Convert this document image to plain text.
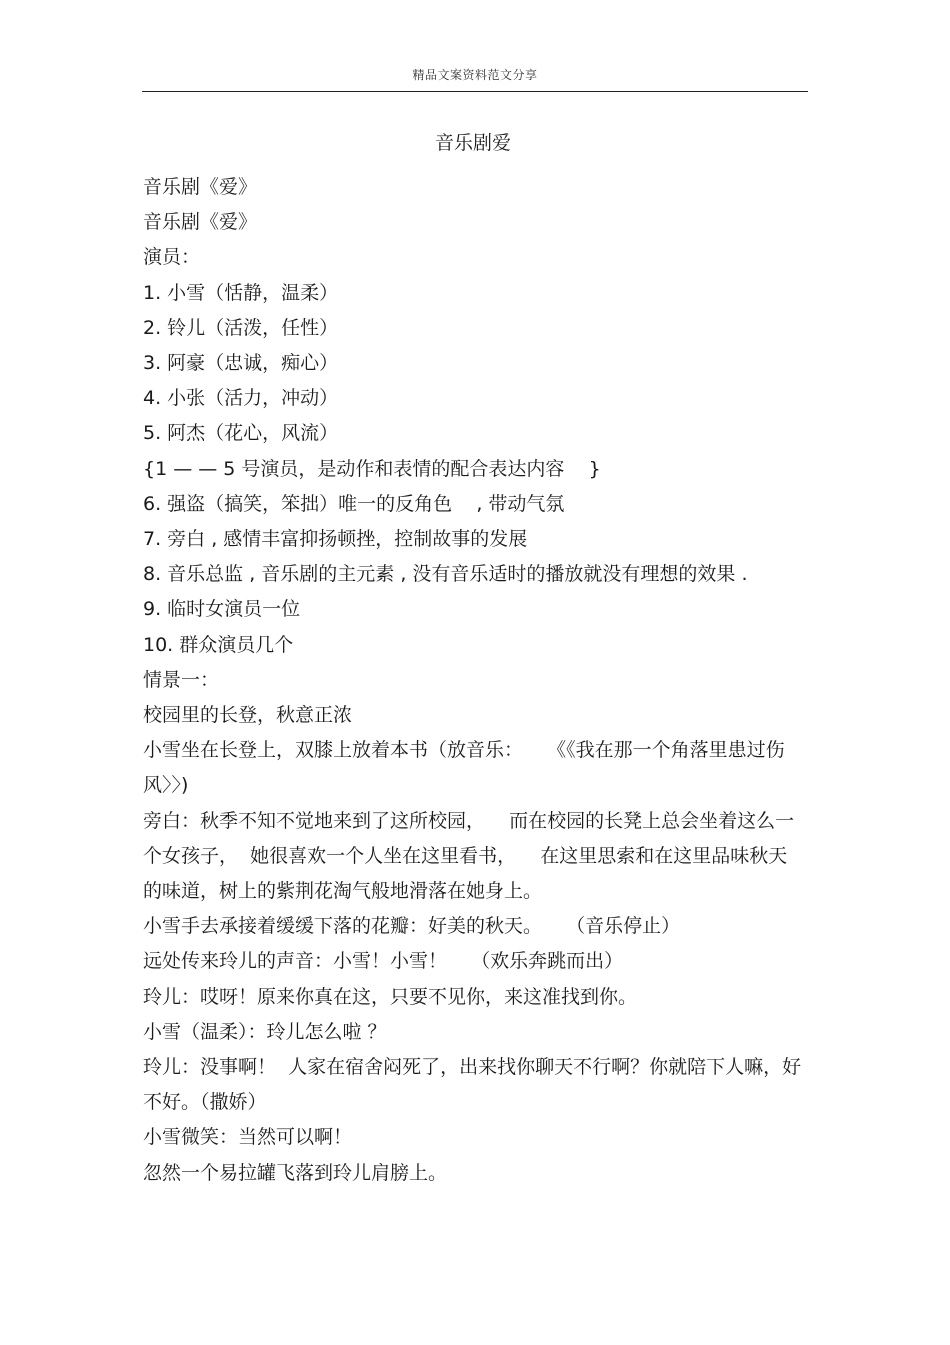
精品文案资料范文分享
音乐剧爱

音乐剧《爱》

音乐剧《爱》

演员：

1. 小雪（恬静，温柔）

2. 铃儿（活泼，任性）

3. 阿豪（忠诚，痴心）

4. 小张（活力，冲动）

5. 阿杰（花心，风流）

{1 — — 5 号演员，是动作和表情的配合表达内容    }

6. 强盗（搞笑，笨拙）唯一的反角色    , 带动气氛

7. 旁白 , 感情丰富抑扬顿挫，控制故事的发展

8. 音乐总监 , 音乐剧的主元素 , 没有音乐适时的播放就没有理想的效果 .

9. 临时女演员一位

10. 群众演员几个

情景一：

校园里的长登，秋意正浓

小雪坐在长登上，双膝上放着本书（放音乐：    《《我在那一个角落里患过伤风〉〉)

旁白：秋季不知不觉地来到了这所校园，    而在校园的长凳上总会坐着这么一个女孩子，  她很喜欢一个人坐在这里看书，    在这里思索和在这里品味秋天的味道，树上的紫荆花淘气般地滑落在她身上。

小雪手去承接着缓缓下落的花瓣：好美的秋天。    （音乐停止）

远处传来玲儿的声音：小雪！小雪！    （欢乐奔跳而出）

玲儿：哎呀！原来你真在这，只要不见你，来这准找到你。

小雪（温柔）：玲儿怎么啦 ？

玲儿：没事啊！  人家在宿舍闷死了，出来找你聊天不行啊？你就陪下人嘛，好不好。（撒娇）

小雪微笑：当然可以啊！

忽然一个易拉罐飞落到玲儿肩膀上。
